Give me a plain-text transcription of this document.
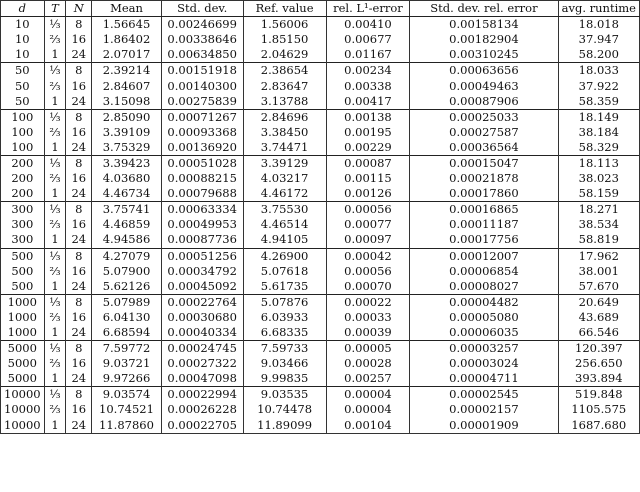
d	T	N	Mean	Std. dev.	Ref. value	rel. L¹-error	Std. dev. rel. error	avg. runtime
10	⅓	8	1.56645	0.00246699	1.56006	0.00410	0.00158134	18.018
10	⅔	16	1.86402	0.00338646	1.85150	0.00677	0.00182904	37.947
10	1	24	2.07017	0.00634850	2.04629	0.01167	0.00310245	58.200
50	⅓	8	2.39214	0.00151918	2.38654	0.00234	0.00063656	18.033
50	⅔	16	2.84607	0.00140300	2.83647	0.00338	0.00049463	37.922
50	1	24	3.15098	0.00275839	3.13788	0.00417	0.00087906	58.359
100	⅓	8	2.85090	0.00071267	2.84696	0.00138	0.00025033	18.149
100	⅔	16	3.39109	0.00093368	3.38450	0.00195	0.00027587	38.184
100	1	24	3.75329	0.00136920	3.74471	0.00229	0.00036564	58.329
200	⅓	8	3.39423	0.00051028	3.39129	0.00087	0.00015047	18.113
200	⅔	16	4.03680	0.00088215	4.03217	0.00115	0.00021878	38.023
200	1	24	4.46734	0.00079688	4.46172	0.00126	0.00017860	58.159
300	⅓	8	3.75741	0.00063334	3.75530	0.00056	0.00016865	18.271
300	⅔	16	4.46859	0.00049953	4.46514	0.00077	0.00011187	38.534
300	1	24	4.94586	0.00087736	4.94105	0.00097	0.00017756	58.819
500	⅓	8	4.27079	0.00051256	4.26900	0.00042	0.00012007	17.962
500	⅔	16	5.07900	0.00034792	5.07618	0.00056	0.00006854	38.001
500	1	24	5.62126	0.00045092	5.61735	0.00070	0.00008027	57.670
1000	⅓	8	5.07989	0.00022764	5.07876	0.00022	0.00004482	20.649
1000	⅔	16	6.04130	0.00030680	6.03933	0.00033	0.00005080	43.689
1000	1	24	6.68594	0.00040334	6.68335	0.00039	0.00006035	66.546
5000	⅓	8	7.59772	0.00024745	7.59733	0.00005	0.00003257	120.397
5000	⅔	16	9.03721	0.00027322	9.03466	0.00028	0.00003024	256.650
5000	1	24	9.97266	0.00047098	9.99835	0.00257	0.00004711	393.894
10000	⅓	8	9.03574	0.00022994	9.03535	0.00004	0.00002545	519.848
10000	⅔	16	10.74521	0.00026228	10.74478	0.00004	0.00002157	1105.575
10000	1	24	11.87860	0.00022705	11.89099	0.00104	0.00001909	1687.680
